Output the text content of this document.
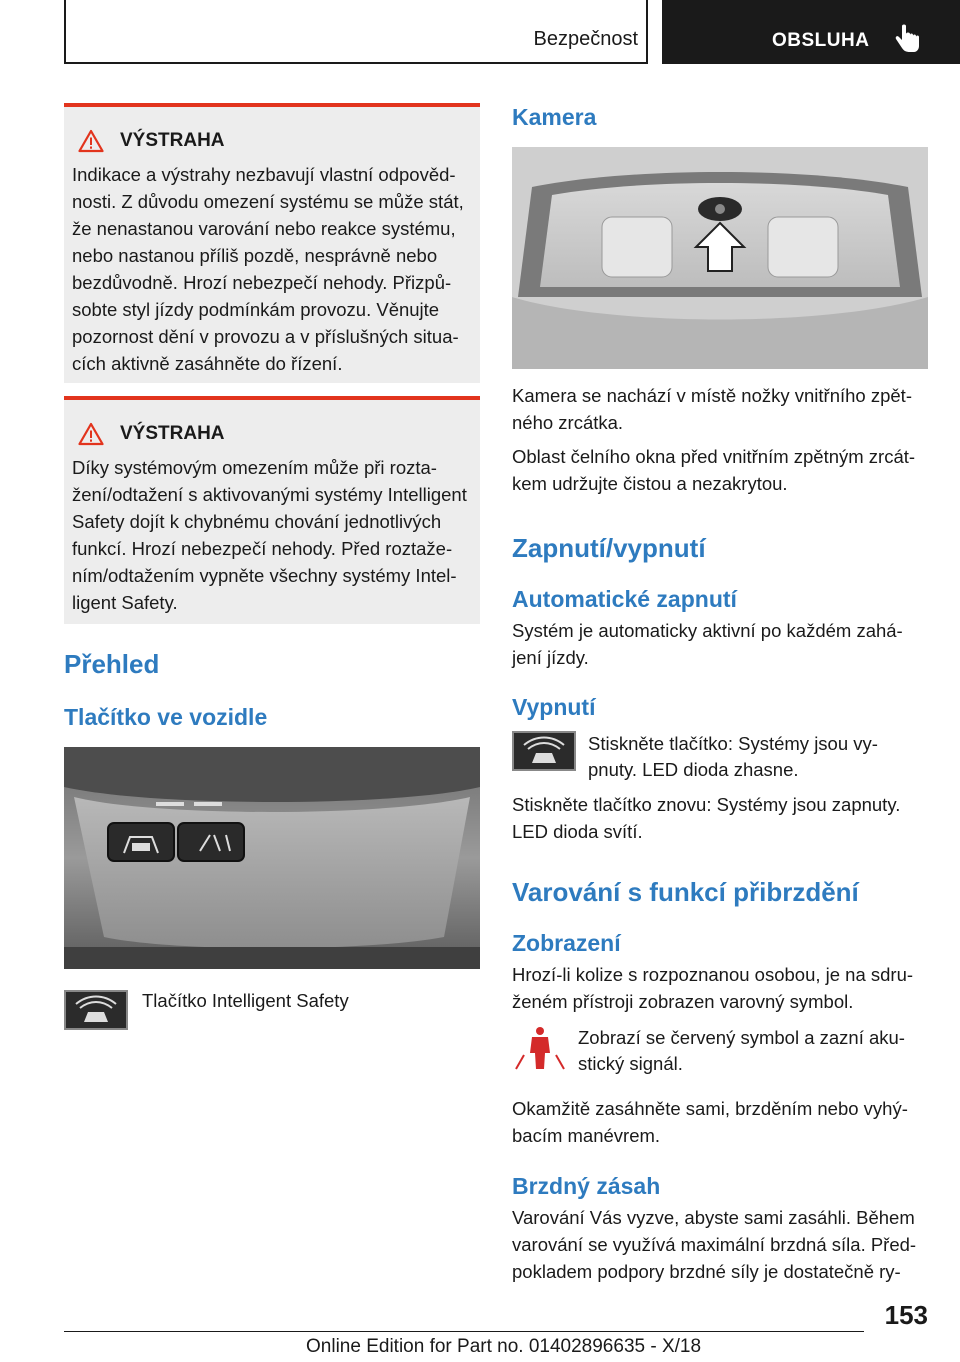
Bezpečnost	OBSLUHA
VÝSTRAHA

Indikace a výstrahy nezbavují vlastní odpověd‐
nosti. Z důvodu omezení systému se může stát,
že nenastanou varování nebo reakce systému,
nebo nastanou příliš pozdě, nesprávně nebo
bezdůvodně. Hrozí nebezpečí nehody. Přizpů‐
sobte styl jízdy podmínkám provozu. Věnujte
pozornost dění v provozu a v příslušných situa‐
cích aktivně zasáhněte do řízení.

VÝSTRAHA

Díky systémovým omezením může při rozta‐
žení/odtažení s aktivovanými systémy Intelligent
Safety dojít k chybnému chování jednotlivých
funkcí. Hrozí nebezpečí nehody. Před roztaže‐
ním/odtažením vypněte všechny systémy Intel‐
ligent Safety.

Přehled
Tlačítko ve vozidle
Tlačítko Intelligent Safety
Kamera

Kamera se nachází v místě nožky vnitřního zpět‐
ného zrcátka.

Oblast čelního okna před vnitřním zpětným zrcát‐
kem udržujte čistou a nezakrytou.

Zapnutí/vypnutí
Automatické zapnutí

Systém je automaticky aktivní po každém zahá‐
jení jízdy.

Vypnutí

Stiskněte tlačítko: Systémy jsou vy‐
pnuty. LED dioda zhasne.

Stiskněte tlačítko znovu: Systémy jsou zapnuty.
LED dioda svítí.

Varování s funkcí přibrzdění
Zobrazení

Hrozí-li kolize s rozpoznanou osobou, je na sdru‐
ženém přístroji zobrazen varovný symbol.

Zobrazí se červený symbol a zazní aku‐
stický signál.

Okamžitě zasáhněte sami, brzděním nebo vyhý‐
bacím manévrem.

Brzdný zásah

Varování Vás vyzve, abyste sami zasáhli. Během
varování se využívá maximální brzdná síla. Před‐
pokladem podpory brzdné síly je dostatečně ry‐

153
Online Edition for Part no. 01402896635 - X/18
